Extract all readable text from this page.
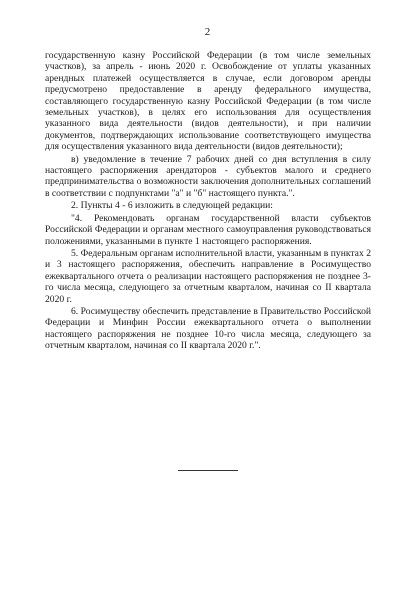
2

государственную казну Российской Федерации (в том числе земельных участков), за апрель - июнь 2020 г. Освобождение от уплаты указанных арендных платежей осуществляется в случае, если договором аренды предусмотрено предоставление в аренду федерального имущества, составляющего государственную казну Российской Федерации (в том числе земельных участков), в целях его использования для осуществления указанного вида деятельности (видов деятельности), и при наличии документов, подтверждающих использование соответствующего имущества для осуществления указанного вида деятельности (видов деятельности);

в) уведомление в течение 7 рабочих дней со дня вступления в силу настоящего распоряжения арендаторов - субъектов малого и среднего предпринимательства о возможности заключения дополнительных соглашений в соответствии с подпунктами "а" и "б" настоящего пункта.".

2. Пункты 4 - 6 изложить в следующей редакции:

"4. Рекомендовать органам государственной власти субъектов Российской Федерации и органам местного самоуправления руководствоваться положениями, указанными в пункте 1 настоящего распоряжения.

5. Федеральным органам исполнительной власти, указанным в пунктах 2 и 3 настоящего распоряжения, обеспечить направление в Росимущество ежеквартального отчета о реализации настоящего распоряжения не позднее 3-го числа месяца, следующего за отчетным кварталом, начиная со II квартала 2020 г.

6. Росимуществу обеспечить представление в Правительство Российской Федерации и Минфин России ежеквартального отчета о выполнении настоящего распоряжения не позднее 10-го числа месяца, следующего за отчетным кварталом, начиная со II квартала 2020 г.".
